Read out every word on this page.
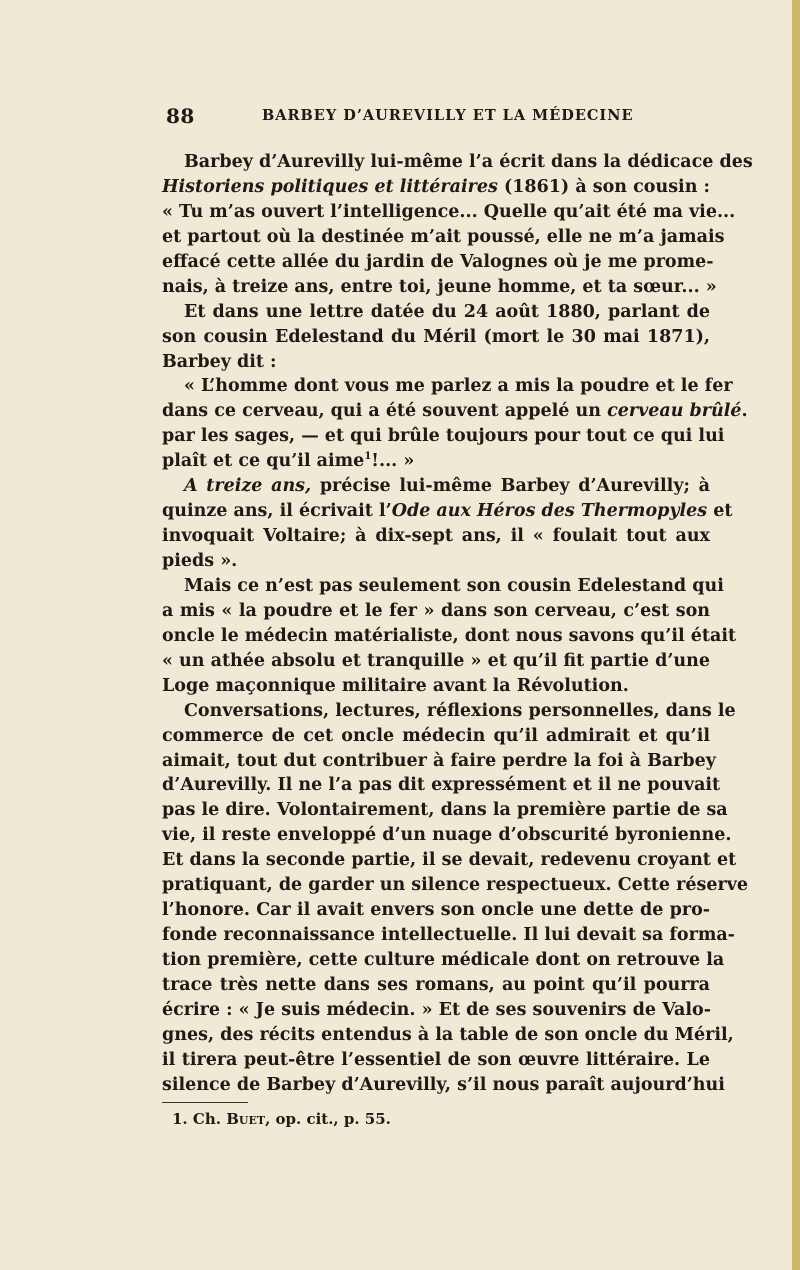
88	BARBEY D’AUREVILLY ET LA MÉDECINE
Barbey d’Aurevilly lui-même l’a écrit dans la dédicace des
Historiens politiques et littéraires (1861) à son cousin :
« Tu m’as ouvert l’intelligence... Quelle qu’ait été ma vie...
et partout où la destinée m’ait poussé, elle ne m’a jamais
effacé cette allée du jardin de Valognes où je me prome-
nais, à treize ans, entre toi, jeune homme, et ta sœur... »
Et dans une lettre datée du 24 août 1880, parlant de
son cousin Edelestand du Méril (mort le 30 mai 1871),
Barbey dit :
« L’homme dont vous me parlez a mis la poudre et le fer
dans ce cerveau, qui a été souvent appelé un cerveau brûlé.
par les sages, — et qui brûle toujours pour tout ce qui lui
plaît et ce qu’il aime$^1$!... »
A treize ans, précise lui-même Barbey d’Aurevilly; à
quinze ans, il écrivait l’Ode aux Héros des Thermopyles et
invoquait Voltaire; à dix-sept ans, il « foulait tout aux
pieds ».
Mais ce n’est pas seulement son cousin Edelestand qui
a mis « la poudre et le fer » dans son cerveau, c’est son
oncle le médecin matérialiste, dont nous savons qu’il était
« un athée absolu et tranquille » et qu’il fit partie d’une
Loge maçonnique militaire avant la Révolution.
Conversations, lectures, réflexions personnelles, dans le
commerce de cet oncle médecin qu’il admirait et qu’il
aimait, tout dut contribuer à faire perdre la foi à Barbey
d’Aurevilly. Il ne l’a pas dit expressément et il ne pouvait
pas le dire. Volontairement, dans la première partie de sa
vie, il reste enveloppé d’un nuage d’obscurité byronienne.
Et dans la seconde partie, il se devait, redevenu croyant et
pratiquant, de garder un silence respectueux. Cette réserve
l’honore. Car il avait envers son oncle une dette de pro-
fonde reconnaissance intellectuelle. Il lui devait sa forma-
tion première, cette culture médicale dont on retrouve la
trace très nette dans ses romans, au point qu’il pourra
écrire : « Je suis médecin. » Et de ses souvenirs de Valo-
gnes, des récits entendus à la table de son oncle du Méril,
il tirera peut-être l’essentiel de son œuvre littéraire. Le
silence de Barbey d’Aurevilly, s’il nous paraît aujourd’hui
1. Ch. Buet, op. cit., p. 55.
